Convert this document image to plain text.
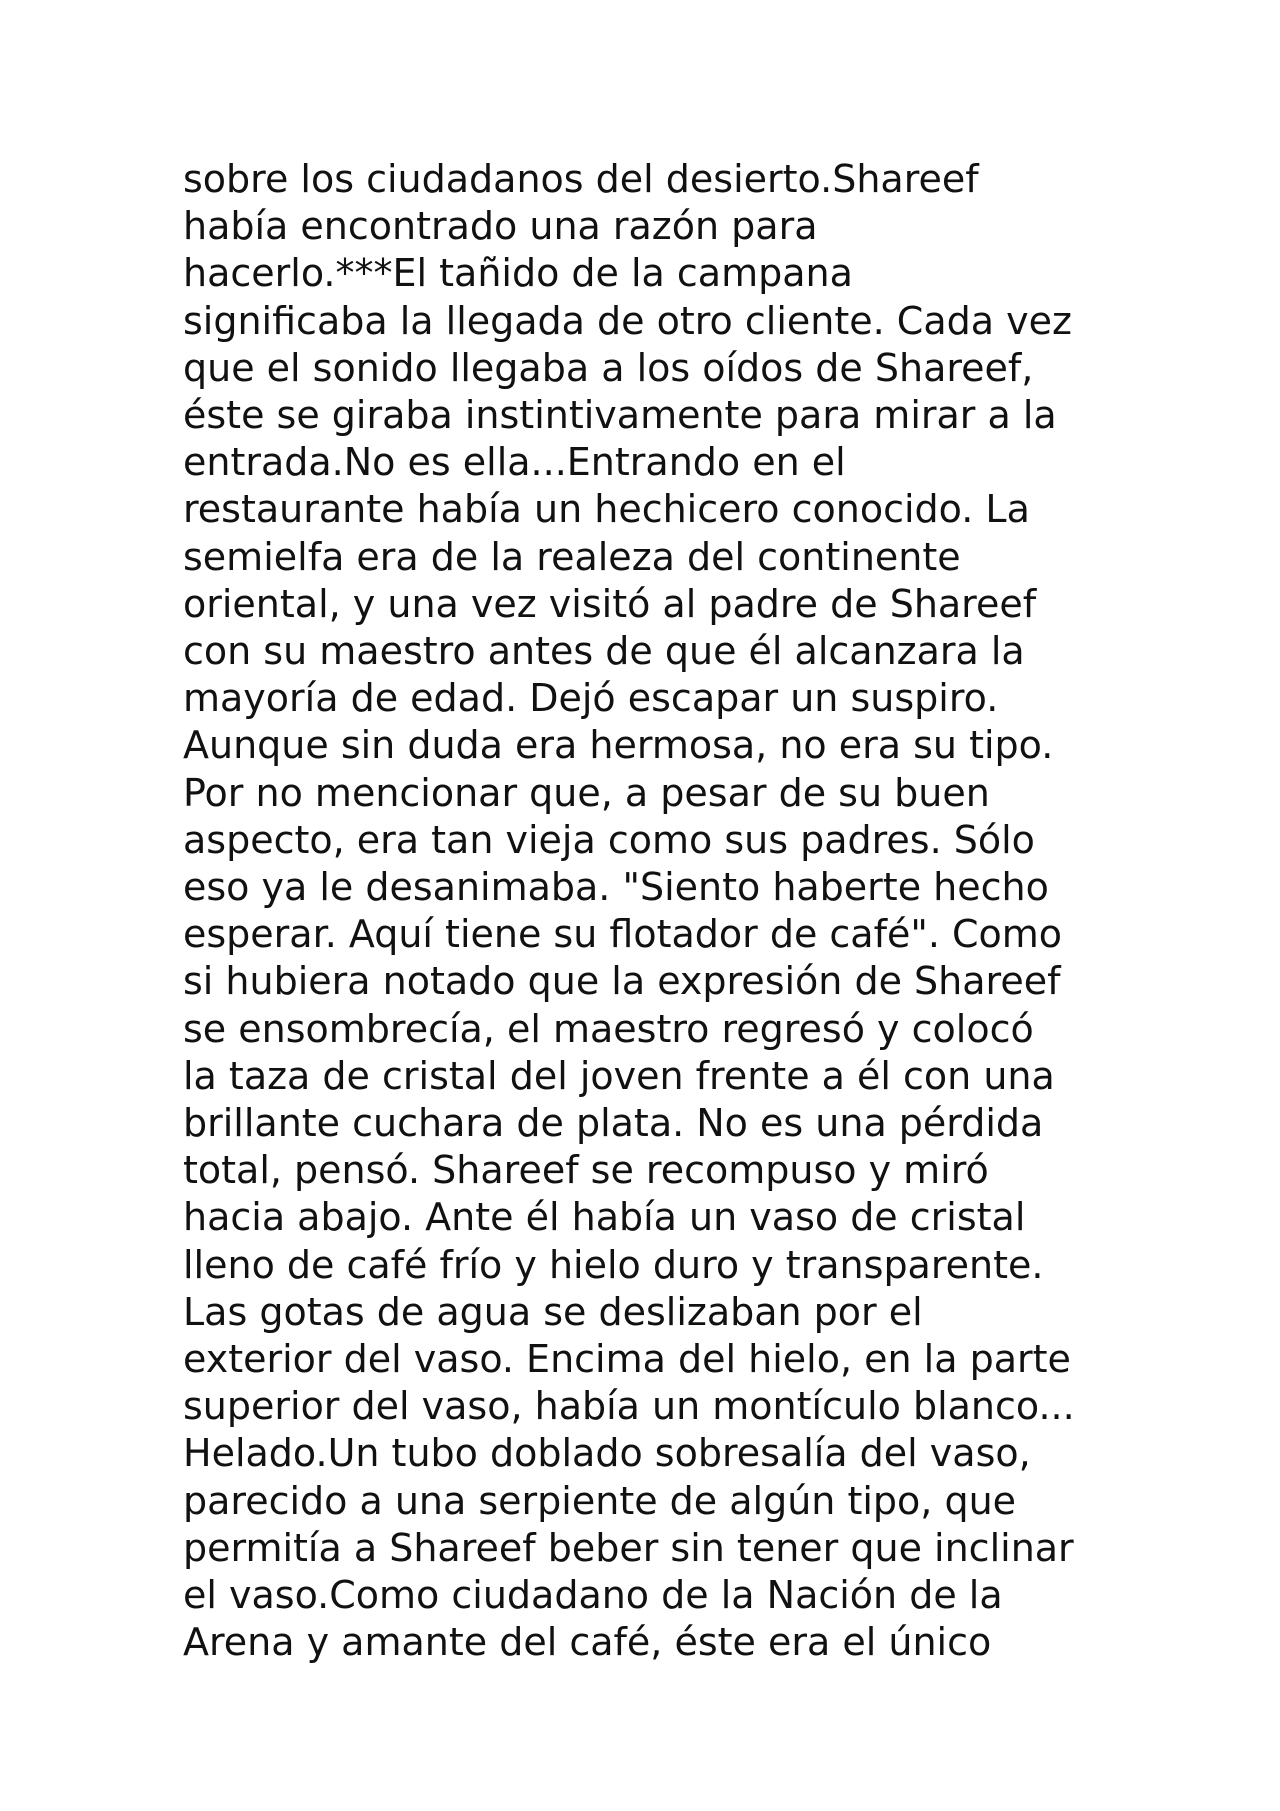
sobre los ciudadanos del desierto.Shareef

había encontrado una razón para

hacerlo.***El tañido de la campana

significaba la llegada de otro cliente. Cada vez

que el sonido llegaba a los oídos de Shareef,

éste se giraba instintivamente para mirar a la

entrada.No es ella...Entrando en el

restaurante había un hechicero conocido. La

semielfa era de la realeza del continente

oriental, y una vez visitó al padre de Shareef

con su maestro antes de que él alcanzara la

mayoría de edad. Dejó escapar un suspiro.

Aunque sin duda era hermosa, no era su tipo.

Por no mencionar que, a pesar de su buen

aspecto, era tan vieja como sus padres. Sólo

eso ya le desanimaba. "Siento haberte hecho

esperar. Aquí tiene su flotador de café". Como

si hubiera notado que la expresión de Shareef

se ensombrecía, el maestro regresó y colocó

la taza de cristal del joven frente a él con una

brillante cuchara de plata. No es una pérdida

total, pensó. Shareef se recompuso y miró

hacia abajo. Ante él había un vaso de cristal

lleno de café frío y hielo duro y transparente.

Las gotas de agua se deslizaban por el

exterior del vaso. Encima del hielo, en la parte

superior del vaso, había un montículo blanco...

Helado.Un tubo doblado sobresalía del vaso,

parecido a una serpiente de algún tipo, que

permitía a Shareef beber sin tener que inclinar

el vaso.Como ciudadano de la Nación de la

Arena y amante del café, éste era el único
